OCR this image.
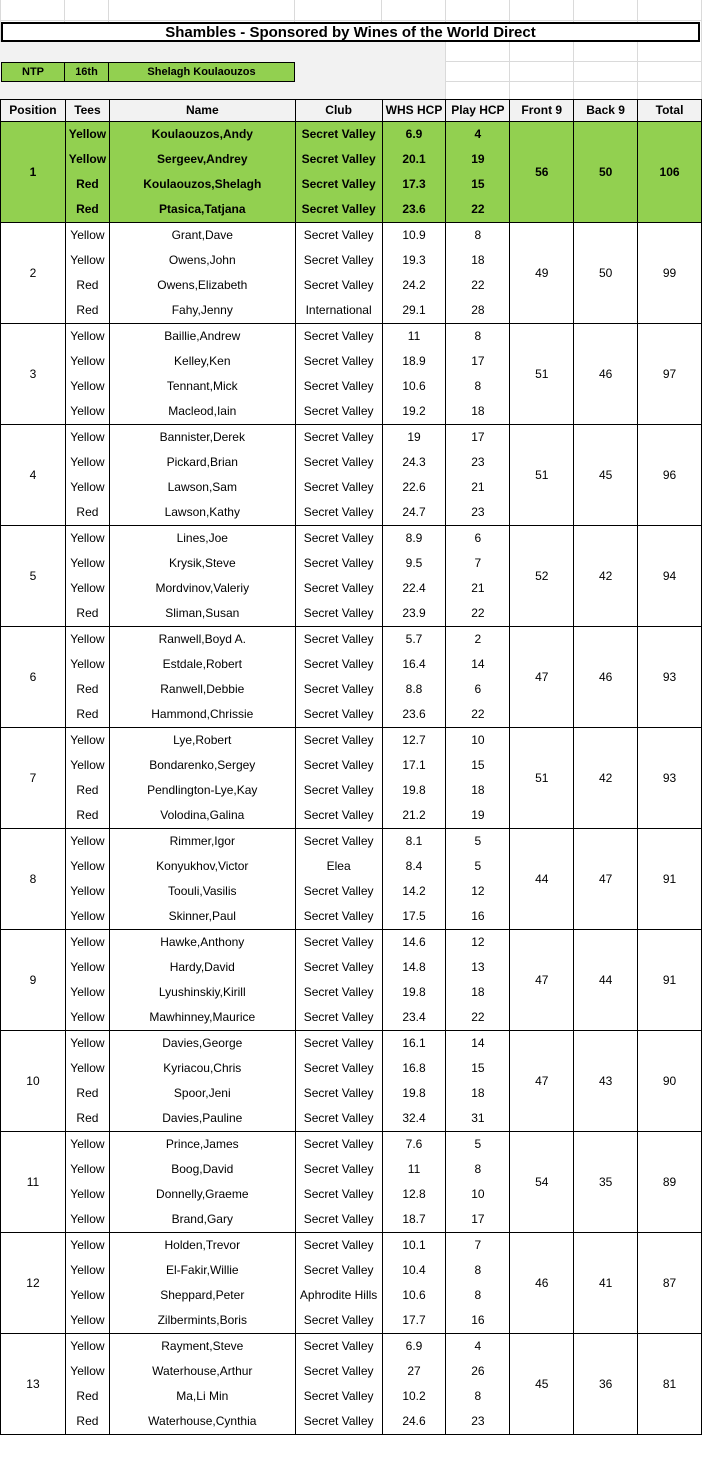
Shambles - Sponsored by Wines of the World Direct
NTP	16th	Shelagh Koulaouzos
Position	Tees	Name	Club	WHS HCP	Play HCP	Front 9	Back 9	Total
1	Yellow	Koulaouzos,Andy	Secret Valley	6.9	4	56	50	106
	Yellow	Sergeev,Andrey	Secret Valley	20.1	19			
	Red	Koulaouzos,Shelagh	Secret Valley	17.3	15			
	Red	Ptasica,Tatjana	Secret Valley	23.6	22			
2	Yellow	Grant,Dave	Secret Valley	10.9	8	49	50	99
	Yellow	Owens,John	Secret Valley	19.3	18			
	Red	Owens,Elizabeth	Secret Valley	24.2	22			
	Red	Fahy,Jenny	International	29.1	28			
3	Yellow	Baillie,Andrew	Secret Valley	11	8	51	46	97
	Yellow	Kelley,Ken	Secret Valley	18.9	17			
	Yellow	Tennant,Mick	Secret Valley	10.6	8			
	Yellow	Macleod,Iain	Secret Valley	19.2	18			
4	Yellow	Bannister,Derek	Secret Valley	19	17	51	45	96
	Yellow	Pickard,Brian	Secret Valley	24.3	23			
	Yellow	Lawson,Sam	Secret Valley	22.6	21			
	Red	Lawson,Kathy	Secret Valley	24.7	23			
5	Yellow	Lines,Joe	Secret Valley	8.9	6	52	42	94
	Yellow	Krysik,Steve	Secret Valley	9.5	7			
	Yellow	Mordvinov,Valeriy	Secret Valley	22.4	21			
	Red	Sliman,Susan	Secret Valley	23.9	22			
6	Yellow	Ranwell,Boyd A.	Secret Valley	5.7	2	47	46	93
	Yellow	Estdale,Robert	Secret Valley	16.4	14			
	Red	Ranwell,Debbie	Secret Valley	8.8	6			
	Red	Hammond,Chrissie	Secret Valley	23.6	22			
7	Yellow	Lye,Robert	Secret Valley	12.7	10	51	42	93
	Yellow	Bondarenko,Sergey	Secret Valley	17.1	15			
	Red	Pendlington-Lye,Kay	Secret Valley	19.8	18			
	Red	Volodina,Galina	Secret Valley	21.2	19			
8	Yellow	Rimmer,Igor	Secret Valley	8.1	5	44	47	91
	Yellow	Konyukhov,Victor	Elea	8.4	5			
	Yellow	Toouli,Vasilis	Secret Valley	14.2	12			
	Yellow	Skinner,Paul	Secret Valley	17.5	16			
9	Yellow	Hawke,Anthony	Secret Valley	14.6	12	47	44	91
	Yellow	Hardy,David	Secret Valley	14.8	13			
	Yellow	Lyushinskiy,Kirill	Secret Valley	19.8	18			
	Yellow	Mawhinney,Maurice	Secret Valley	23.4	22			
10	Yellow	Davies,George	Secret Valley	16.1	14	47	43	90
	Yellow	Kyriacou,Chris	Secret Valley	16.8	15			
	Red	Spoor,Jeni	Secret Valley	19.8	18			
	Red	Davies,Pauline	Secret Valley	32.4	31			
11	Yellow	Prince,James	Secret Valley	7.6	5	54	35	89
	Yellow	Boog,David	Secret Valley	11	8			
	Yellow	Donnelly,Graeme	Secret Valley	12.8	10			
	Yellow	Brand,Gary	Secret Valley	18.7	17			
12	Yellow	Holden,Trevor	Secret Valley	10.1	7	46	41	87
	Yellow	El-Fakir,Willie	Secret Valley	10.4	8			
	Yellow	Sheppard,Peter	Aphrodite Hills	10.6	8			
	Yellow	Zilbermints,Boris	Secret Valley	17.7	16			
13	Yellow	Rayment,Steve	Secret Valley	6.9	4	45	36	81
	Yellow	Waterhouse,Arthur	Secret Valley	27	26			
	Red	Ma,Li Min	Secret Valley	10.2	8			
	Red	Waterhouse,Cynthia	Secret Valley	24.6	23			
